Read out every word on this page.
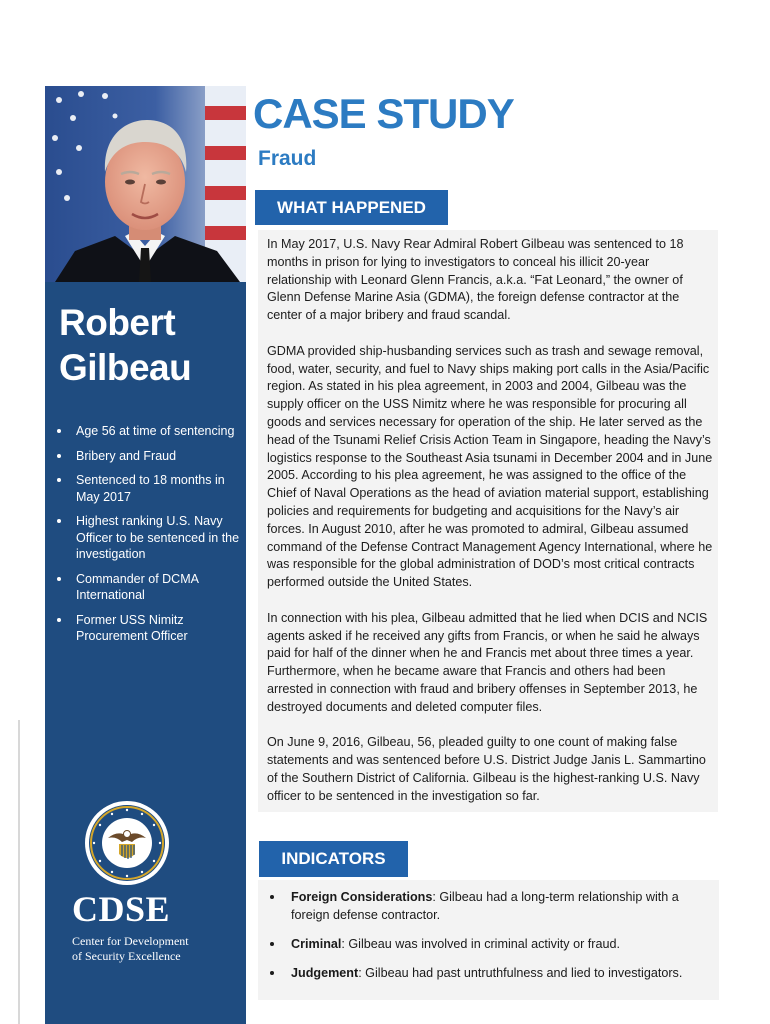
Robert
Gilbeau
Age 56 at time of sentencing
Bribery and Fraud
Sentenced to 18 months in May 2017
Highest ranking U.S. Navy Officer to be sentenced in the investigation
Commander of DCMA International
Former USS Nimitz Procurement Officer
CDSE
Center for Development
of Security Excellence
CASE STUDY
Fraud
WHAT HAPPENED

In May 2017, U.S. Navy Rear Admiral Robert Gilbeau was sentenced to 18 months in prison for lying to investigators to conceal his illicit 20-year relationship with Leonard Glenn Francis, a.k.a. “Fat Leonard,” the owner of Glenn Defense Marine Asia (GDMA), the foreign defense contractor at the center of a major bribery and fraud scandal.

GDMA provided ship-husbanding services such as trash and sewage removal, food, water, security, and fuel to Navy ships making port calls in the Asia/Pacific region. As stated in his plea agreement, in 2003 and 2004, Gilbeau was the supply officer on the USS Nimitz where he was responsible for procuring all goods and services necessary for operation of the ship. He later served as the head of the Tsunami Relief Crisis Action Team in Singapore, heading the Navy’s logistics response to the Southeast Asia tsunami in December 2004 and in June 2005. According to his plea agreement, he was assigned to the office of the Chief of Naval Operations as the head of aviation material support, establishing policies and requirements for budgeting and acquisitions for the Navy’s air forces. In August 2010, after he was promoted to admiral, Gilbeau assumed command of the Defense Contract Management Agency International, where he was responsible for the global administration of DOD’s most critical contracts performed outside the United States.

In connection with his plea, Gilbeau admitted that he lied when DCIS and NCIS agents asked if he received any gifts from Francis, or when he said he always paid for half of the dinner when he and Francis met about three times a year. Furthermore, when he became aware that Francis and others had been arrested in connection with fraud and bribery offenses in September 2013, he destroyed documents and deleted computer files.

On June 9, 2016, Gilbeau, 56, pleaded guilty to one count of making false statements and was sentenced before U.S. District Judge Janis L. Sammartino of the Southern District of California. Gilbeau is the highest-ranking U.S. Navy officer to be sentenced in the investigation so far.

INDICATORS
Foreign Considerations: Gilbeau had a long-term relationship with a foreign defense contractor.
Criminal: Gilbeau was involved in criminal activity or fraud.
Judgement: Gilbeau had past untruthfulness and lied to investigators.
